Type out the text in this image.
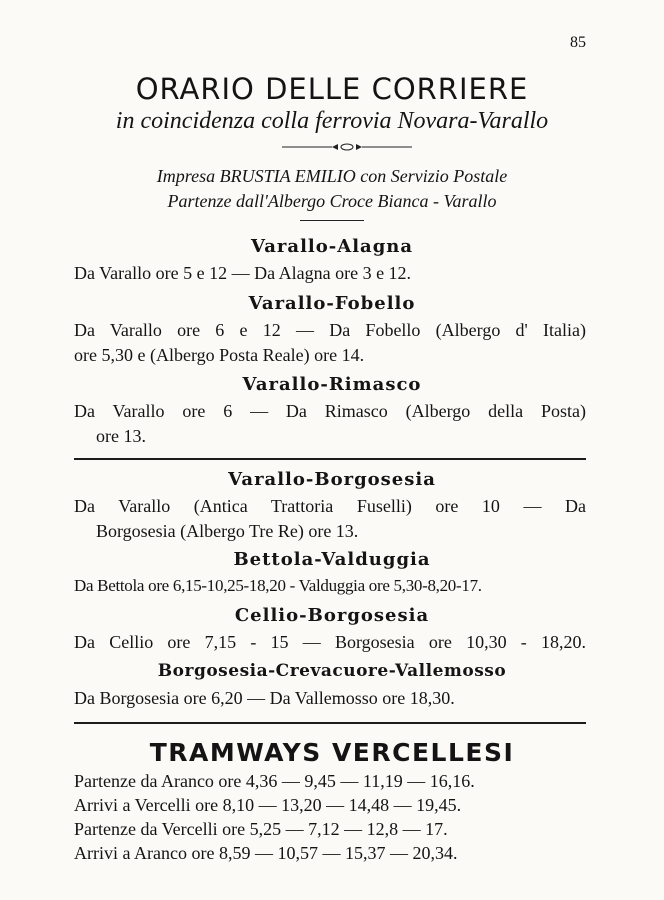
85
ORARIO DELLE CORRIERE
in coincidenza colla ferrovia Novara-Varallo
Impresa BRUSTIA EMILIO con Servizio Postale
Partenze dall'Albergo Croce Bianca - Varallo
Varallo-Alagna
Da Varallo ore 5 e 12 — Da Alagna ore 3 e 12.
Varallo-Fobello
Da Varallo ore 6 e 12 — Da Fobello (Albergo d' Italia)
ore 5,30 e (Albergo Posta Reale) ore 14.
Varallo-Rimasco
Da Varallo ore 6 — Da Rimasco (Albergo della Posta)
ore 13.
Varallo-Borgosesia
Da Varallo (Antica Trattoria Fuselli) ore 10 — Da
Borgosesia (Albergo Tre Re) ore 13.
Bettola-Valduggia
Da Bettola ore 6,15-10,25-18,20 - Valduggia ore 5,30-8,20-17.
Cellio-Borgosesia
Da Cellio ore 7,15 - 15 — Borgosesia ore 10,30 - 18,20.
Borgosesia-Crevacuore-Vallemosso
Da Borgosesia ore 6,20 — Da Vallemosso ore 18,30.
TRAMWAYS VERCELLESI
Partenze da Aranco ore 4,36 — 9,45 — 11,19 — 16,16.
Arrivi a Vercelli ore 8,10 — 13,20 — 14,48 — 19,45.
Partenze da Vercelli ore 5,25 — 7,12 — 12,8 — 17.
Arrivi a Aranco ore 8,59 — 10,57 — 15,37 — 20,34.
